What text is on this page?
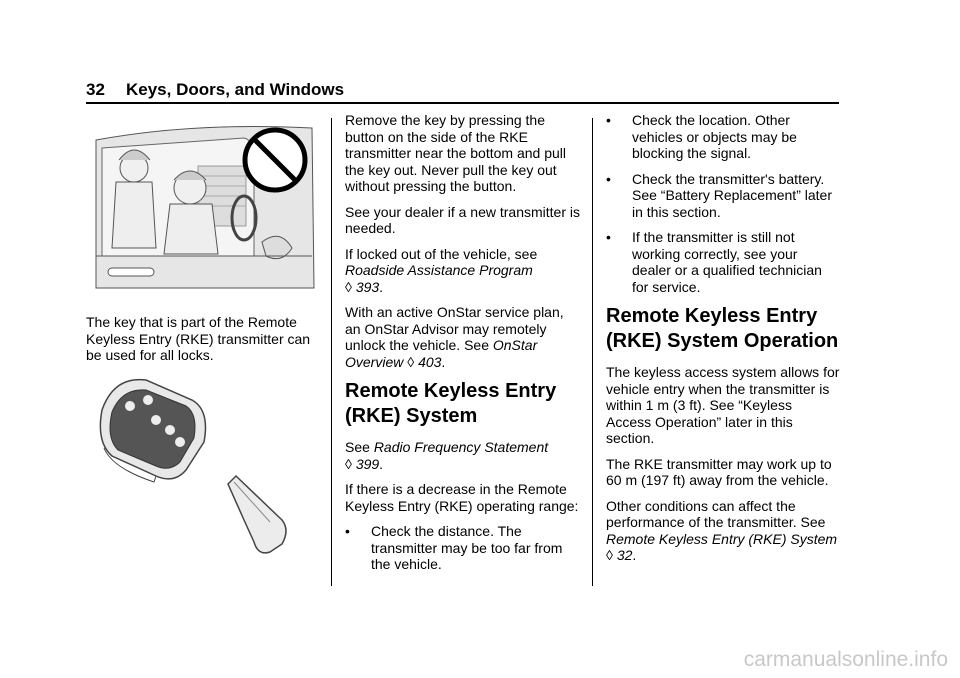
32 Keys, Doors, and Windows

The key that is part of the Remote Keyless Entry (RKE) transmitter can be used for all locks.

Remove the key by pressing the button on the side of the RKE transmitter near the bottom and pull the key out. Never pull the key out without pressing the button.

See your dealer if a new transmitter is needed.

If locked out of the vehicle, see Roadside Assistance Program
◊ 393.

With an active OnStar service plan, an OnStar Advisor may remotely unlock the vehicle. See OnStar Overview ◊ 403.

Remote Keyless Entry (RKE) System

See Radio Frequency Statement
◊ 399.

If there is a decrease in the Remote Keyless Entry (RKE) operating range:

•	Check the distance. The transmitter may be too far from the vehicle.
•	Check the location. Other vehicles or objects may be blocking the signal.
•	Check the transmitter's battery. See “Battery Replacement” later in this section.
•	If the transmitter is still not working correctly, see your dealer or a qualified technician for service.
Remote Keyless Entry (RKE) System Operation

The keyless access system allows for vehicle entry when the transmitter is within 1 m (3 ft). See “Keyless Access Operation” later in this section.

The RKE transmitter may work up to 60 m (197 ft) away from the vehicle.

Other conditions can affect the performance of the transmitter. See Remote Keyless Entry (RKE) System ◊ 32.

carmanualsonline.info
